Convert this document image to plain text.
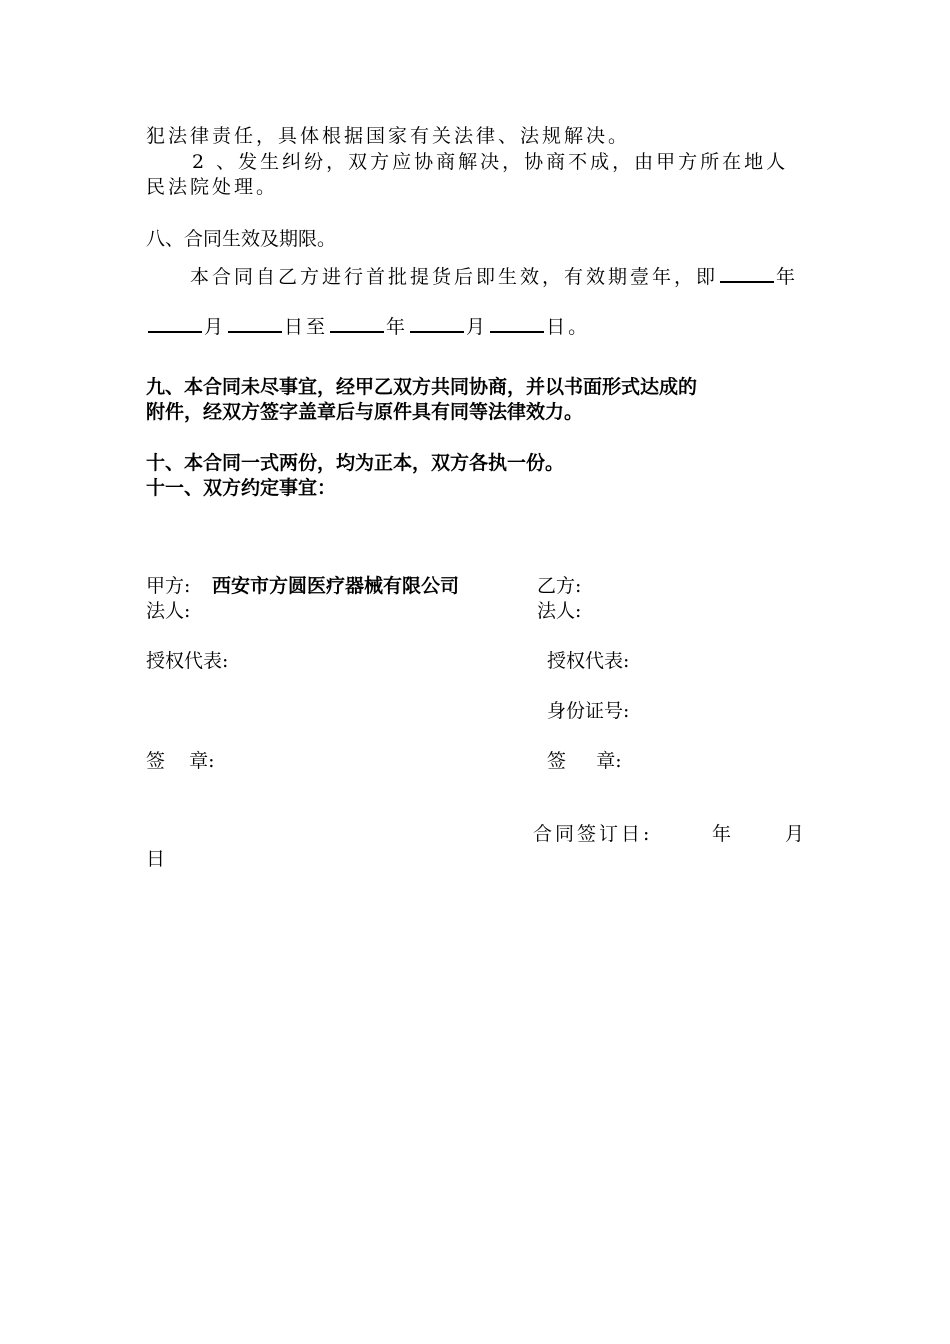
犯法律责任，具体根据国家有关法律、法规解决。
2 、发生纠纷，双方应协商解决，协商不成，由甲方所在地人
民法院处理。
八、合同生效及期限。
本合同自乙方进行首批提货后即生效，有效期壹年，即	年
月	日至	年	月	日。
九、本合同未尽事宜，经甲乙双方共同协商，并以书面形式达成的
附件，经双方签字盖章后与原件具有同等法律效力。
十、本合同一式两份，均为正本，双方各执一份。
十一、双方约定事宜：
甲方: 西安市方圆医疗器械有限公司
法人:
授权代表:
签    章:
乙方:
法人:
授权代表:
身份证号:
签     章:
合同签订日:	年	月
日
